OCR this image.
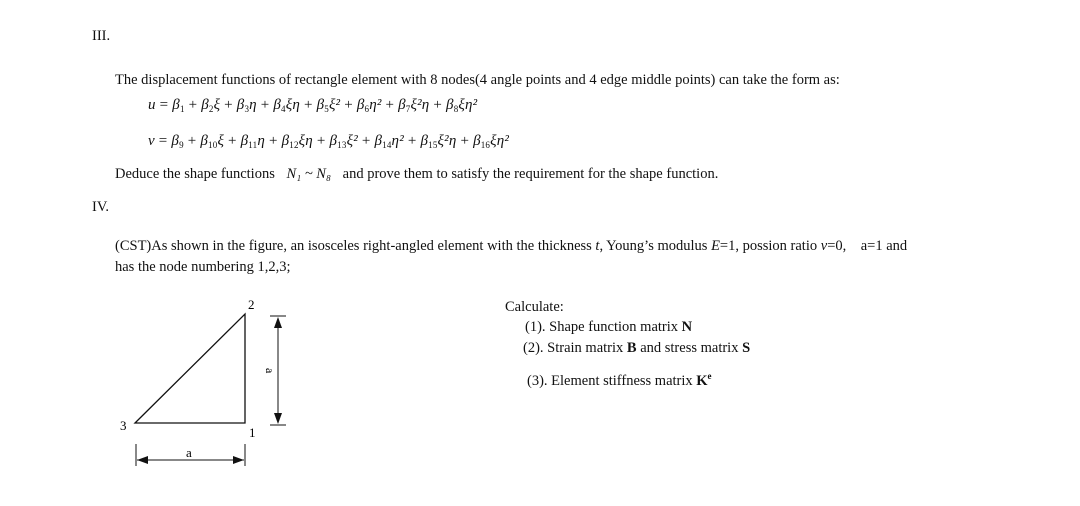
III.
The displacement functions of rectangle element with 8 nodes(4 angle points and 4 edge middle points) can take the form as:
$u = \beta_1 + \beta_2\xi + \beta_3\eta + \beta_4\xi\eta + \beta_5\xi^2 + \beta_6\eta^2 + \beta_7\xi^2\eta + \beta_8\xi\eta^2$
$v = \beta_9 + \beta_{10}\xi + \beta_{11}\eta + \beta_{12}\xi\eta + \beta_{13}\xi^2 + \beta_{14}\eta^2 + \beta_{15}\xi^2\eta + \beta_{16}\xi\eta^2$
Deduce the shape functions N₁ ~ N₈ and prove them to satisfy the requirement for the shape function.
IV.
(CST)As shown in the figure, an isosceles right-angled element with the thickness t, Young’s modulus E=1, possion ratio v=0,    a=1 and
has the node numbering 1,2,3;
Calculate:
(1). Shape function matrix N
(2). Strain matrix B and stress matrix S
(3). Element stiffness matrix $K^e$
2
3	1
a
a
